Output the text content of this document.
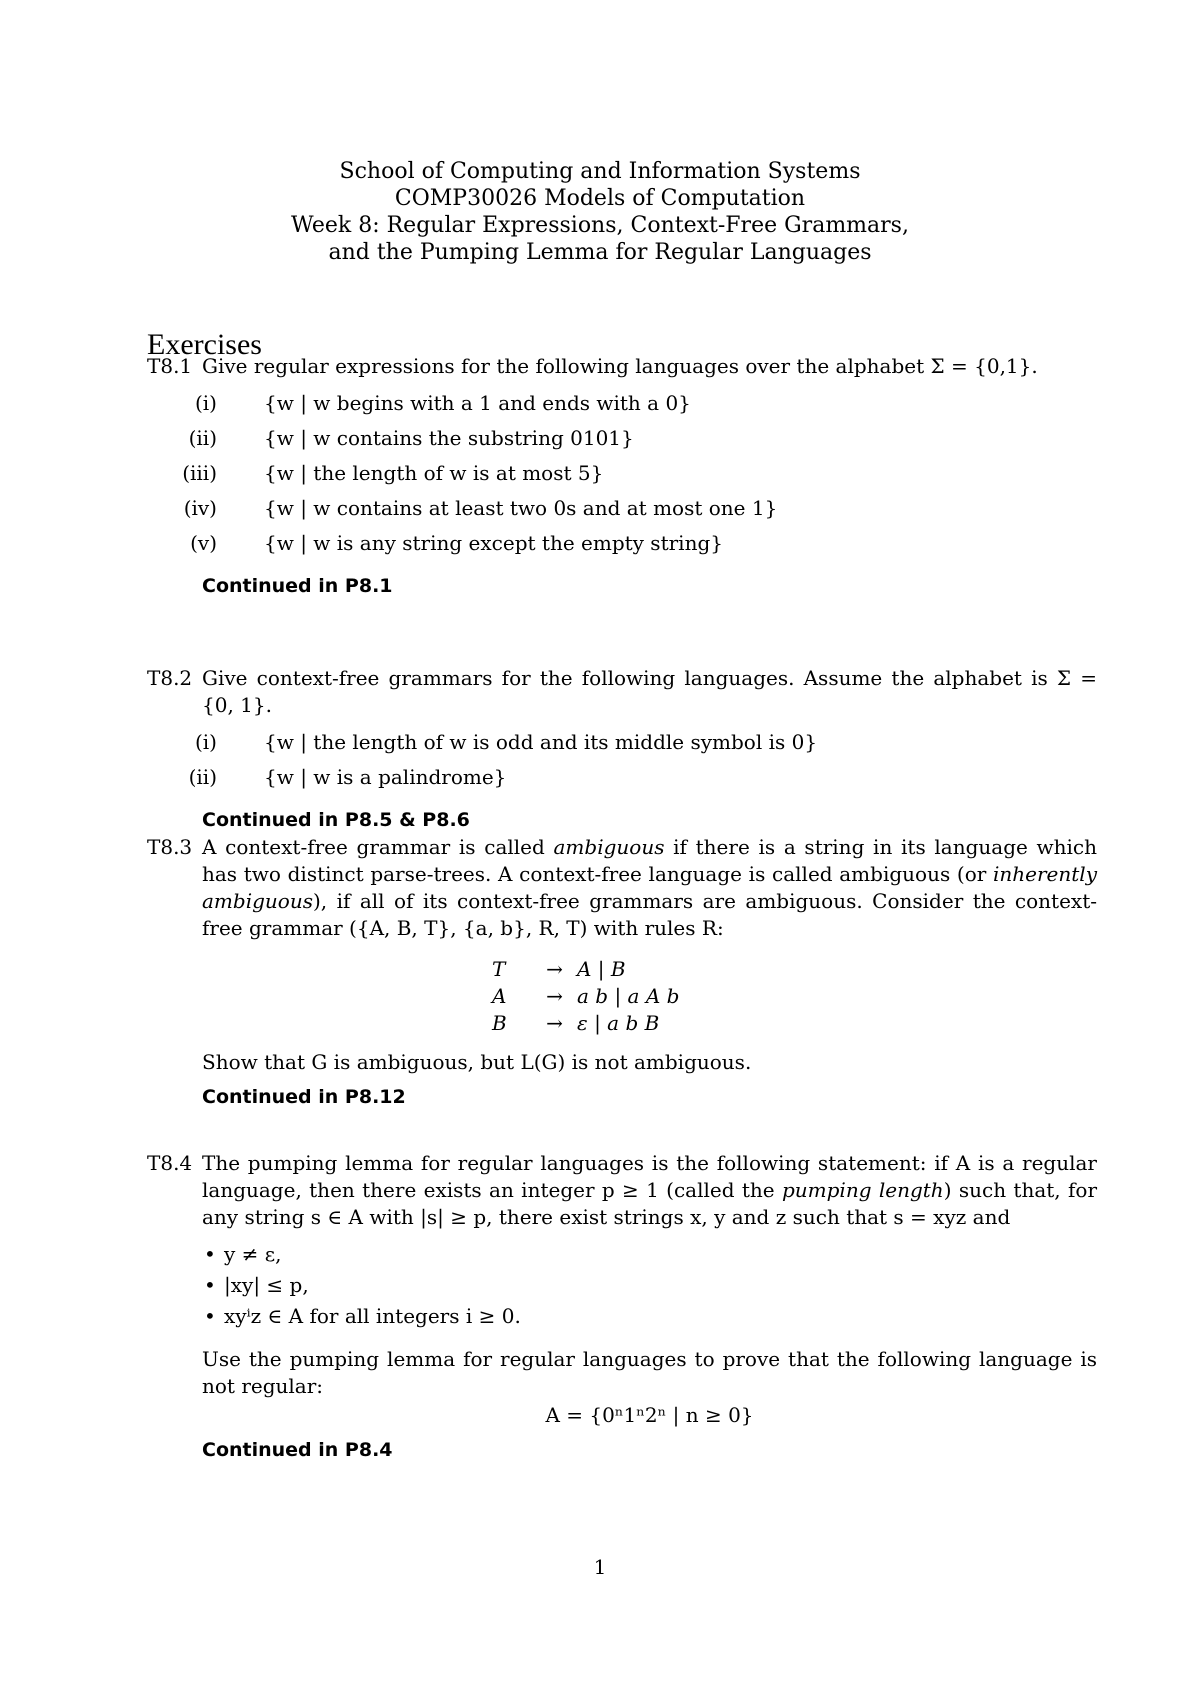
School of Computing and Information Systems
COMP30026 Models of Computation
Week 8: Regular Expressions, Context-Free Grammars,
and the Pumping Lemma for Regular Languages
Exercises
T8.1 Give regular expressions for the following languages over the alphabet Σ = {0,1}.
(i) {w | w begins with a 1 and ends with a 0}
(ii) {w | w contains the substring 0101}
(iii) {w | the length of w is at most 5}
(iv) {w | w contains at least two 0s and at most one 1}
(v) {w | w is any string except the empty string}
Continued in P8.1
T8.2 Give context-free grammars for the following languages. Assume the alphabet is Σ = {0, 1}.
(i) {w | the length of w is odd and its middle symbol is 0}
(ii) {w | w is a palindrome}
Continued in P8.5 & P8.6
T8.3 A context-free grammar is called ambiguous if there is a string in its language which has two distinct parse-trees. A context-free language is called ambiguous (or inherently ambiguous), if all of its context-free grammars are ambiguous. Consider the context-free grammar ({A, B, T}, {a, b}, R, T) with rules R:
T	→ A | B
A	→ a b | a A b
B	→ ε | a b B
Show that G is ambiguous, but L(G) is not ambiguous.
Continued in P8.12
T8.4 The pumping lemma for regular languages is the following statement: if A is a regular language, then there exists an integer p ≥ 1 (called the pumping length) such that, for any string s ∈ A with |s| ≥ p, there exist strings x, y and z such that s = xyz and
• y ≠ ε,
• |xy| ≤ p,
• xyⁱz ∈ A for all integers i ≥ 0.
Use the pumping lemma for regular languages to prove that the following language is not regular:
A = {0ⁿ1ⁿ2ⁿ | n ≥ 0}
Continued in P8.4
1
